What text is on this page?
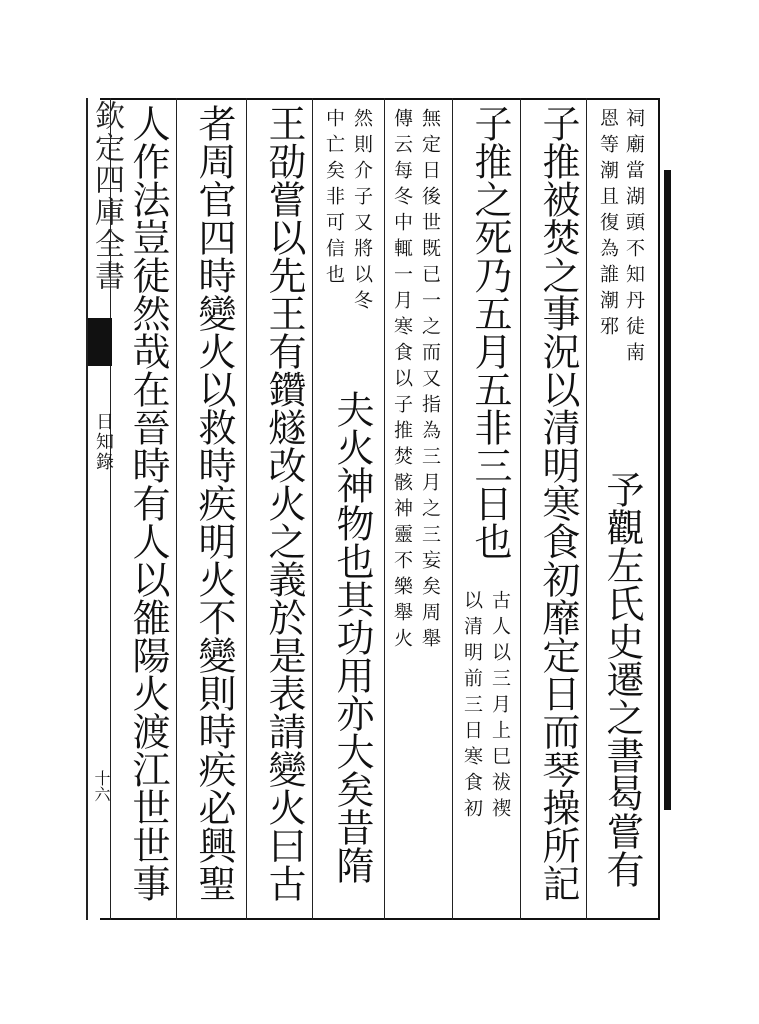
祠廟當湖頭不知丹徒南
恩等潮且復為誰潮邪
予觀左氏史遷之書曷嘗有
子推被焚之事況以清明寒食初靡定日而琴操所記
子推之死乃五月五非三日也
古人以三月上巳祓禊
以清明前三日寒食初
無定日後世既已一之而又指為三月之三妄矣周舉
傳云每冬中輒一月寒食以子推焚骸神靈不樂舉火
然則介子又將以冬
中亡矣非可信也
夫火神物也其功用亦大矣昔隋
王劭嘗以先王有鑽燧改火之義於是表請變火曰古
者周官四時變火以救時疾明火不變則時疾必興聖
人作法豈徒然哉在晉時有人以雒陽火渡江世世事
欽定四庫全書
日知錄
十六
